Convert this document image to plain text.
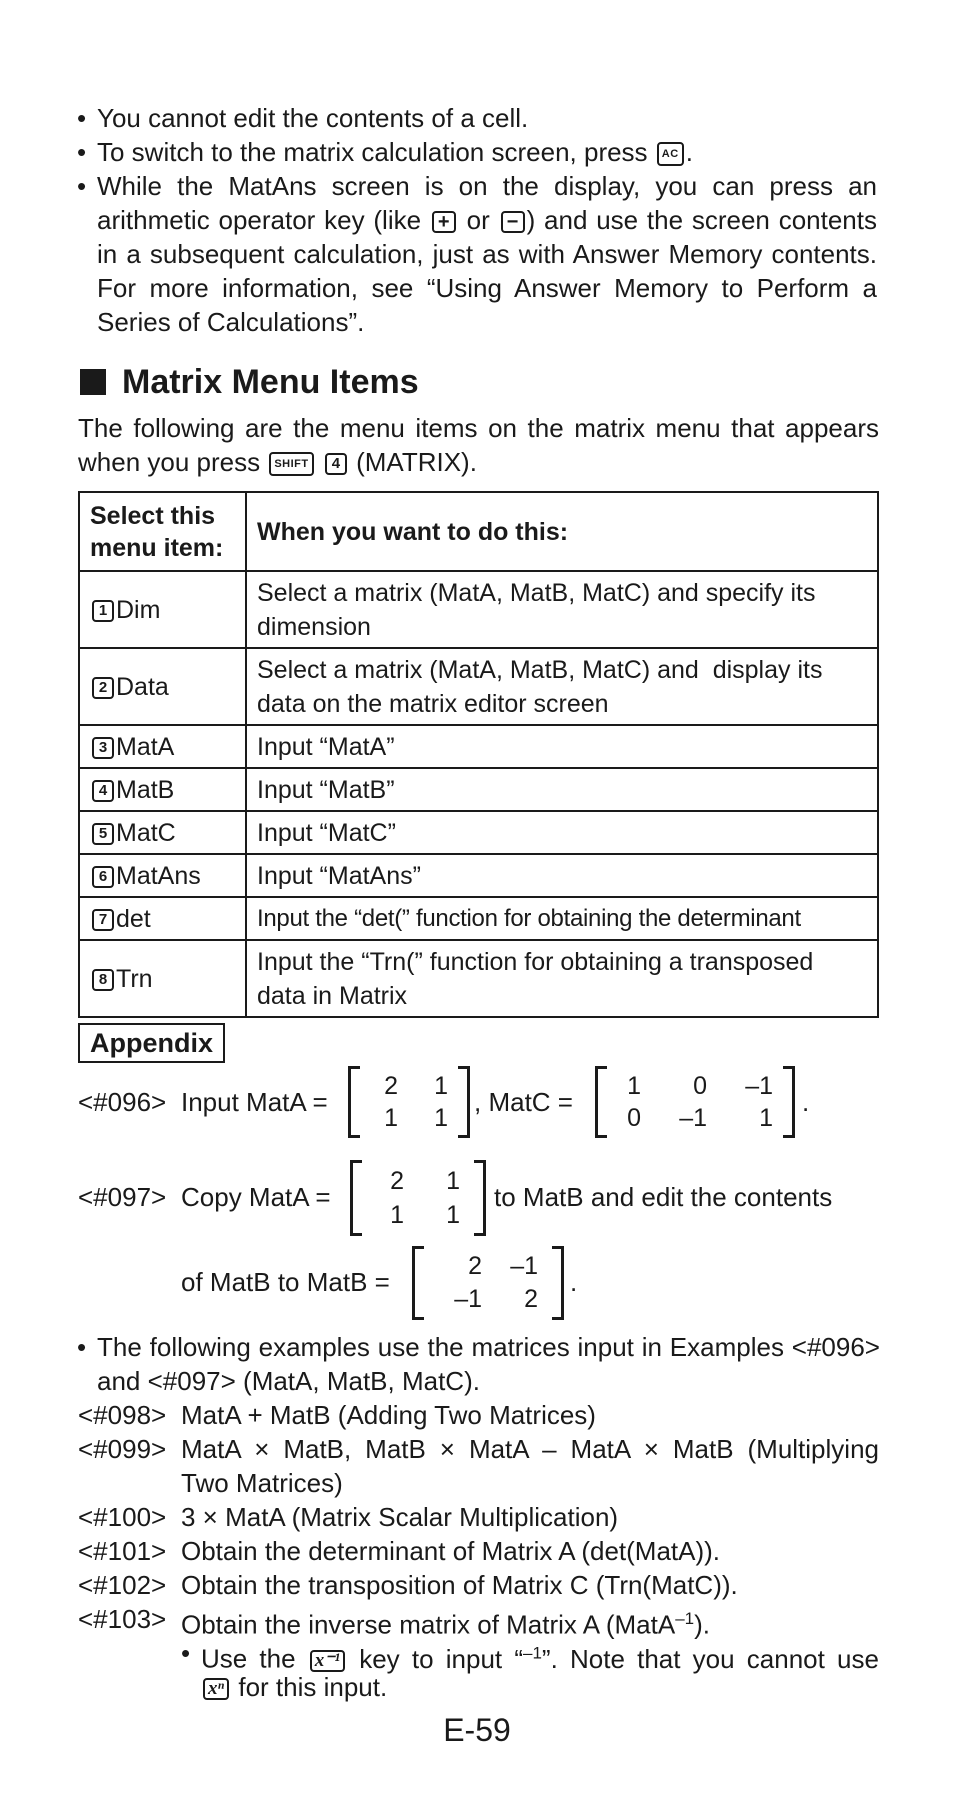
• You cannot edit the contents of a cell.
• To switch to the matrix calculation screen, press AC .
• While the MatAns screen is on the display, you can press an
arithmetic operator key (like + or − ) and use the screen contents
in a subsequent calculation, just as with Answer Memory contents.
For more information, see “Using Answer Memory to Perform a
Series of Calculations”.
Matrix Menu Items
The following are the menu items on the matrix menu that appears
when you press SHIFT 4 (MATRIX).
Select this
menu item:	When you want to do this:
1 Dim	Select a matrix (MatA, MatB, MatC) and specify its
dimension

2 Data	Select a matrix (MatA, MatB, MatC) and  display its
data on the matrix editor screen

3 MatA	Input “MatA”
4 MatB	Input “MatB”
5 MatC	Input “MatC”
6 MatAns	Input “MatAns”
7 det	Input the “det(” function for obtaining the determinant
8 Trn	Input the “Trn(” function for obtaining a transposed
data in Matrix
Appendix
<#096> Input MatA =
2	1
1	1
, MatC =
1	0	–1
0	–1	1
.
<#097> Copy MatA =
2	1
1	1
to MatB and edit the contents
of MatB to MatB =
2	–1
–1	2
.
• The following examples use the matrices input in Examples <#096>
and <#097> (MatA, MatB, MatC).
<#098> MatA + MatB (Adding Two Matrices)
<#099> MatA × MatB, MatB × MatA – MatA × MatB (Multiplying
Two Matrices)
<#100> 3 × MatA (Matrix Scalar Multiplication)
<#101> Obtain the determinant of Matrix A (det(MatA)).
<#102> Obtain the transposition of Matrix C (Trn(MatC)).
<#103> Obtain the inverse matrix of Matrix A (MatA$^{-1}$).
• Use the x⁻¹ key to input “$^{-1}$”. Note that you cannot use
xⁿ for this input.
E-59
